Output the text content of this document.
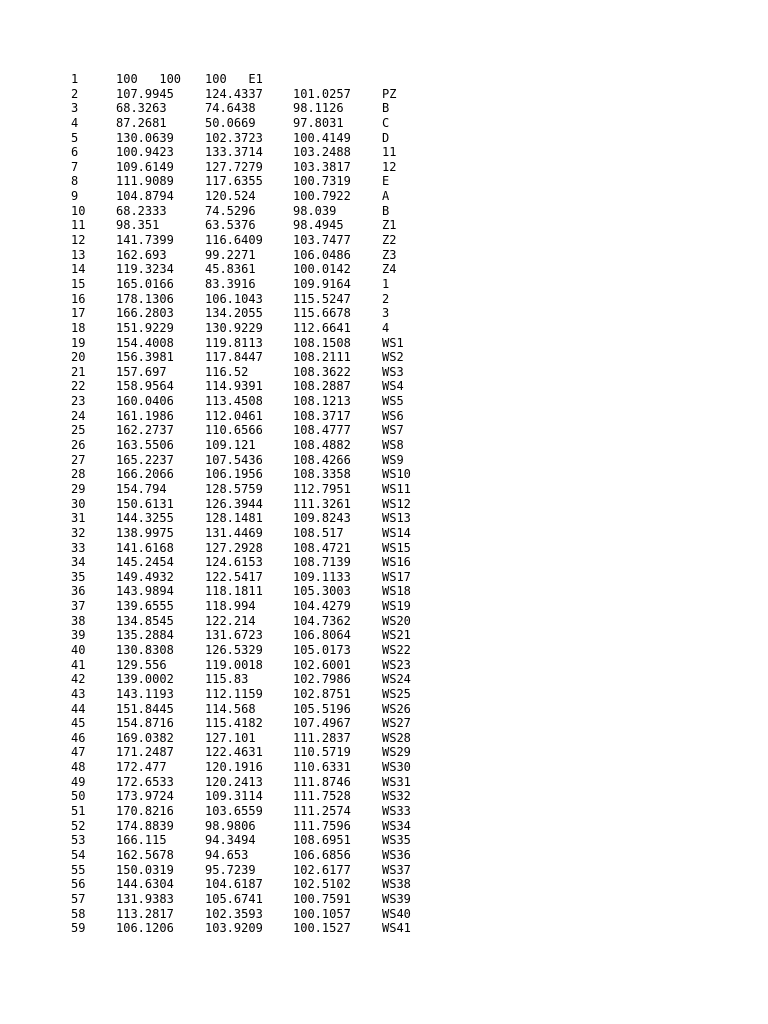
1	100   100 100   E1
2	107.9945	124.4337	101.0257	PZ
3	68.3263	74.6438	98.1126	B
4	87.2681	50.0669	97.8031	C
5	130.0639	102.3723	100.4149	D
6	100.9423	133.3714	103.2488	11
7	109.6149	127.7279	103.3817	12
8	111.9089	117.6355	100.7319	E
9	104.8794	120.524	100.7922	A
10	68.2333	74.5296	98.039	B
11	98.351	63.5376	98.4945	Z1
12	141.7399	116.6409	103.7477	Z2
13	162.693	99.2271	106.0486	Z3
14	119.3234	45.8361	100.0142	Z4
15	165.0166	83.3916	109.9164	1
16	178.1306	106.1043	115.5247	2
17	166.2803	134.2055	115.6678	3
18	151.9229	130.9229	112.6641	4
19	154.4008	119.8113	108.1508	WS1
20	156.3981	117.8447	108.2111	WS2
21	157.697	116.52	108.3622	WS3
22	158.9564	114.9391	108.2887	WS4
23	160.0406	113.4508	108.1213	WS5
24	161.1986	112.0461	108.3717	WS6
25	162.2737	110.6566	108.4777	WS7
26	163.5506	109.121	108.4882	WS8
27	165.2237	107.5436	108.4266	WS9
28	166.2066	106.1956	108.3358	WS10
29	154.794	128.5759	112.7951	WS11
30	150.6131	126.3944	111.3261	WS12
31	144.3255	128.1481	109.8243	WS13
32	138.9975	131.4469	108.517	WS14
33	141.6168	127.2928	108.4721	WS15
34	145.2454	124.6153	108.7139	WS16
35	149.4932	122.5417	109.1133	WS17
36	143.9894	118.1811	105.3003	WS18
37	139.6555	118.994	104.4279	WS19
38	134.8545	122.214	104.7362	WS20
39	135.2884	131.6723	106.8064	WS21
40	130.8308	126.5329	105.0173	WS22
41	129.556	119.0018	102.6001	WS23
42	139.0002	115.83	102.7986	WS24
43	143.1193	112.1159	102.8751	WS25
44	151.8445	114.568	105.5196	WS26
45	154.8716	115.4182	107.4967	WS27
46	169.0382	127.101	111.2837	WS28
47	171.2487	122.4631	110.5719	WS29
48	172.477	120.1916	110.6331	WS30
49	172.6533	120.2413	111.8746	WS31
50	173.9724	109.3114	111.7528	WS32
51	170.8216	103.6559	111.2574	WS33
52	174.8839	98.9806	111.7596	WS34
53	166.115	94.3494	108.6951	WS35
54	162.5678	94.653	106.6856	WS36
55	150.0319	95.7239	102.6177	WS37
56	144.6304	104.6187	102.5102	WS38
57	131.9383	105.6741	100.7591	WS39
58	113.2817	102.3593	100.1057	WS40
59	106.1206	103.9209	100.1527	WS41
